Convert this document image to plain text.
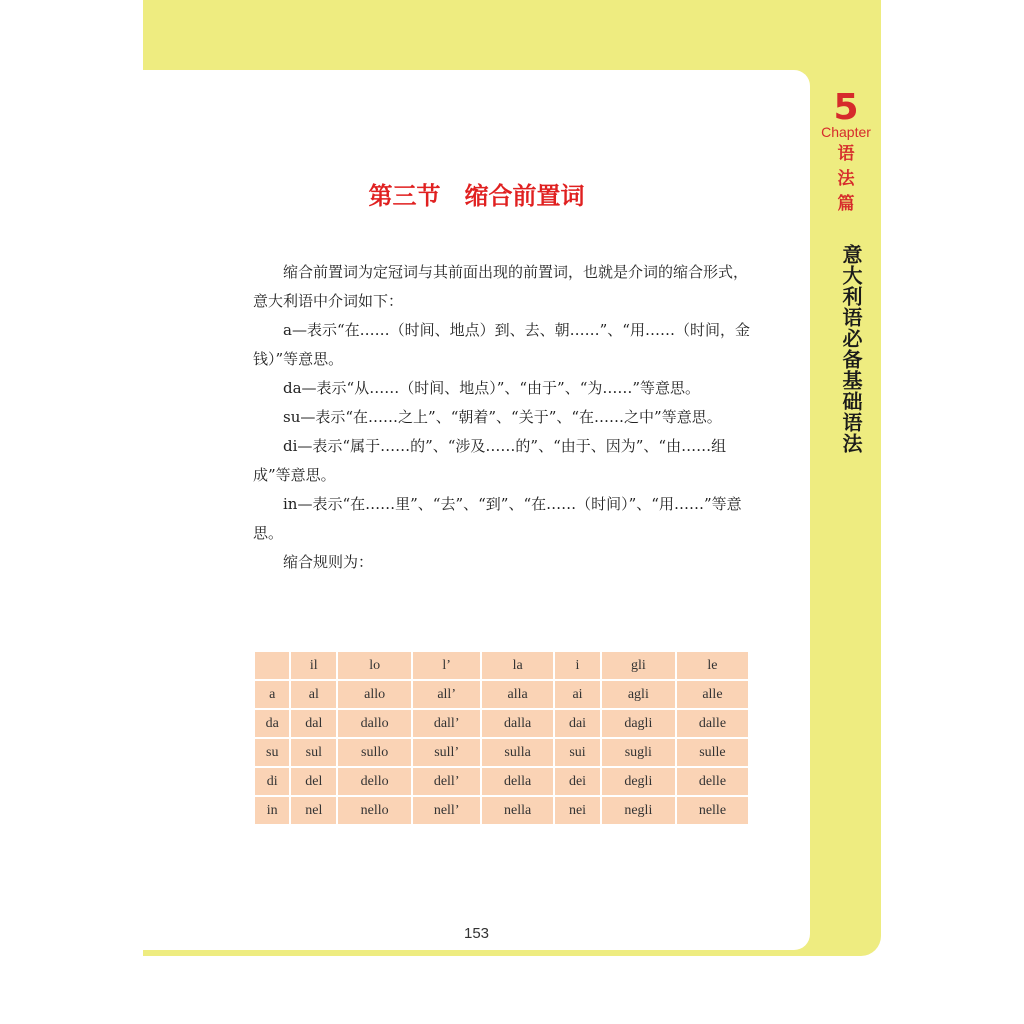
5
Chapter
语
法
篇
意大利语必备基础语法
第三节　缩合前置词

缩合前置词为定冠词与其前面出现的前置词，也就是介词的缩合形式，意大利语中介词如下：

a—表示“在……（时间、地点）到、去、朝……”、“用……（时间，金钱）”等意思。

da—表示“从……（时间、地点）”、“由于”、“为……”等意思。

su—表示“在……之上”、“朝着”、“关于”、“在……之中”等意思。

di—表示“属于……的”、“涉及……的”、“由于、因为”、“由……组成”等意思。

in—表示“在……里”、“去”、“到”、“在……（时间）”、“用……”等意思。

缩合规则为：

	il	lo	l’	la	i	gli	le
a	al	allo	all’	alla	ai	agli	alle
da	dal	dallo	dall’	dalla	dai	dagli	dalle
su	sul	sullo	sull’	sulla	sui	sugli	sulle
di	del	dello	dell’	della	dei	degli	delle
in	nel	nello	nell’	nella	nei	negli	nelle
153
